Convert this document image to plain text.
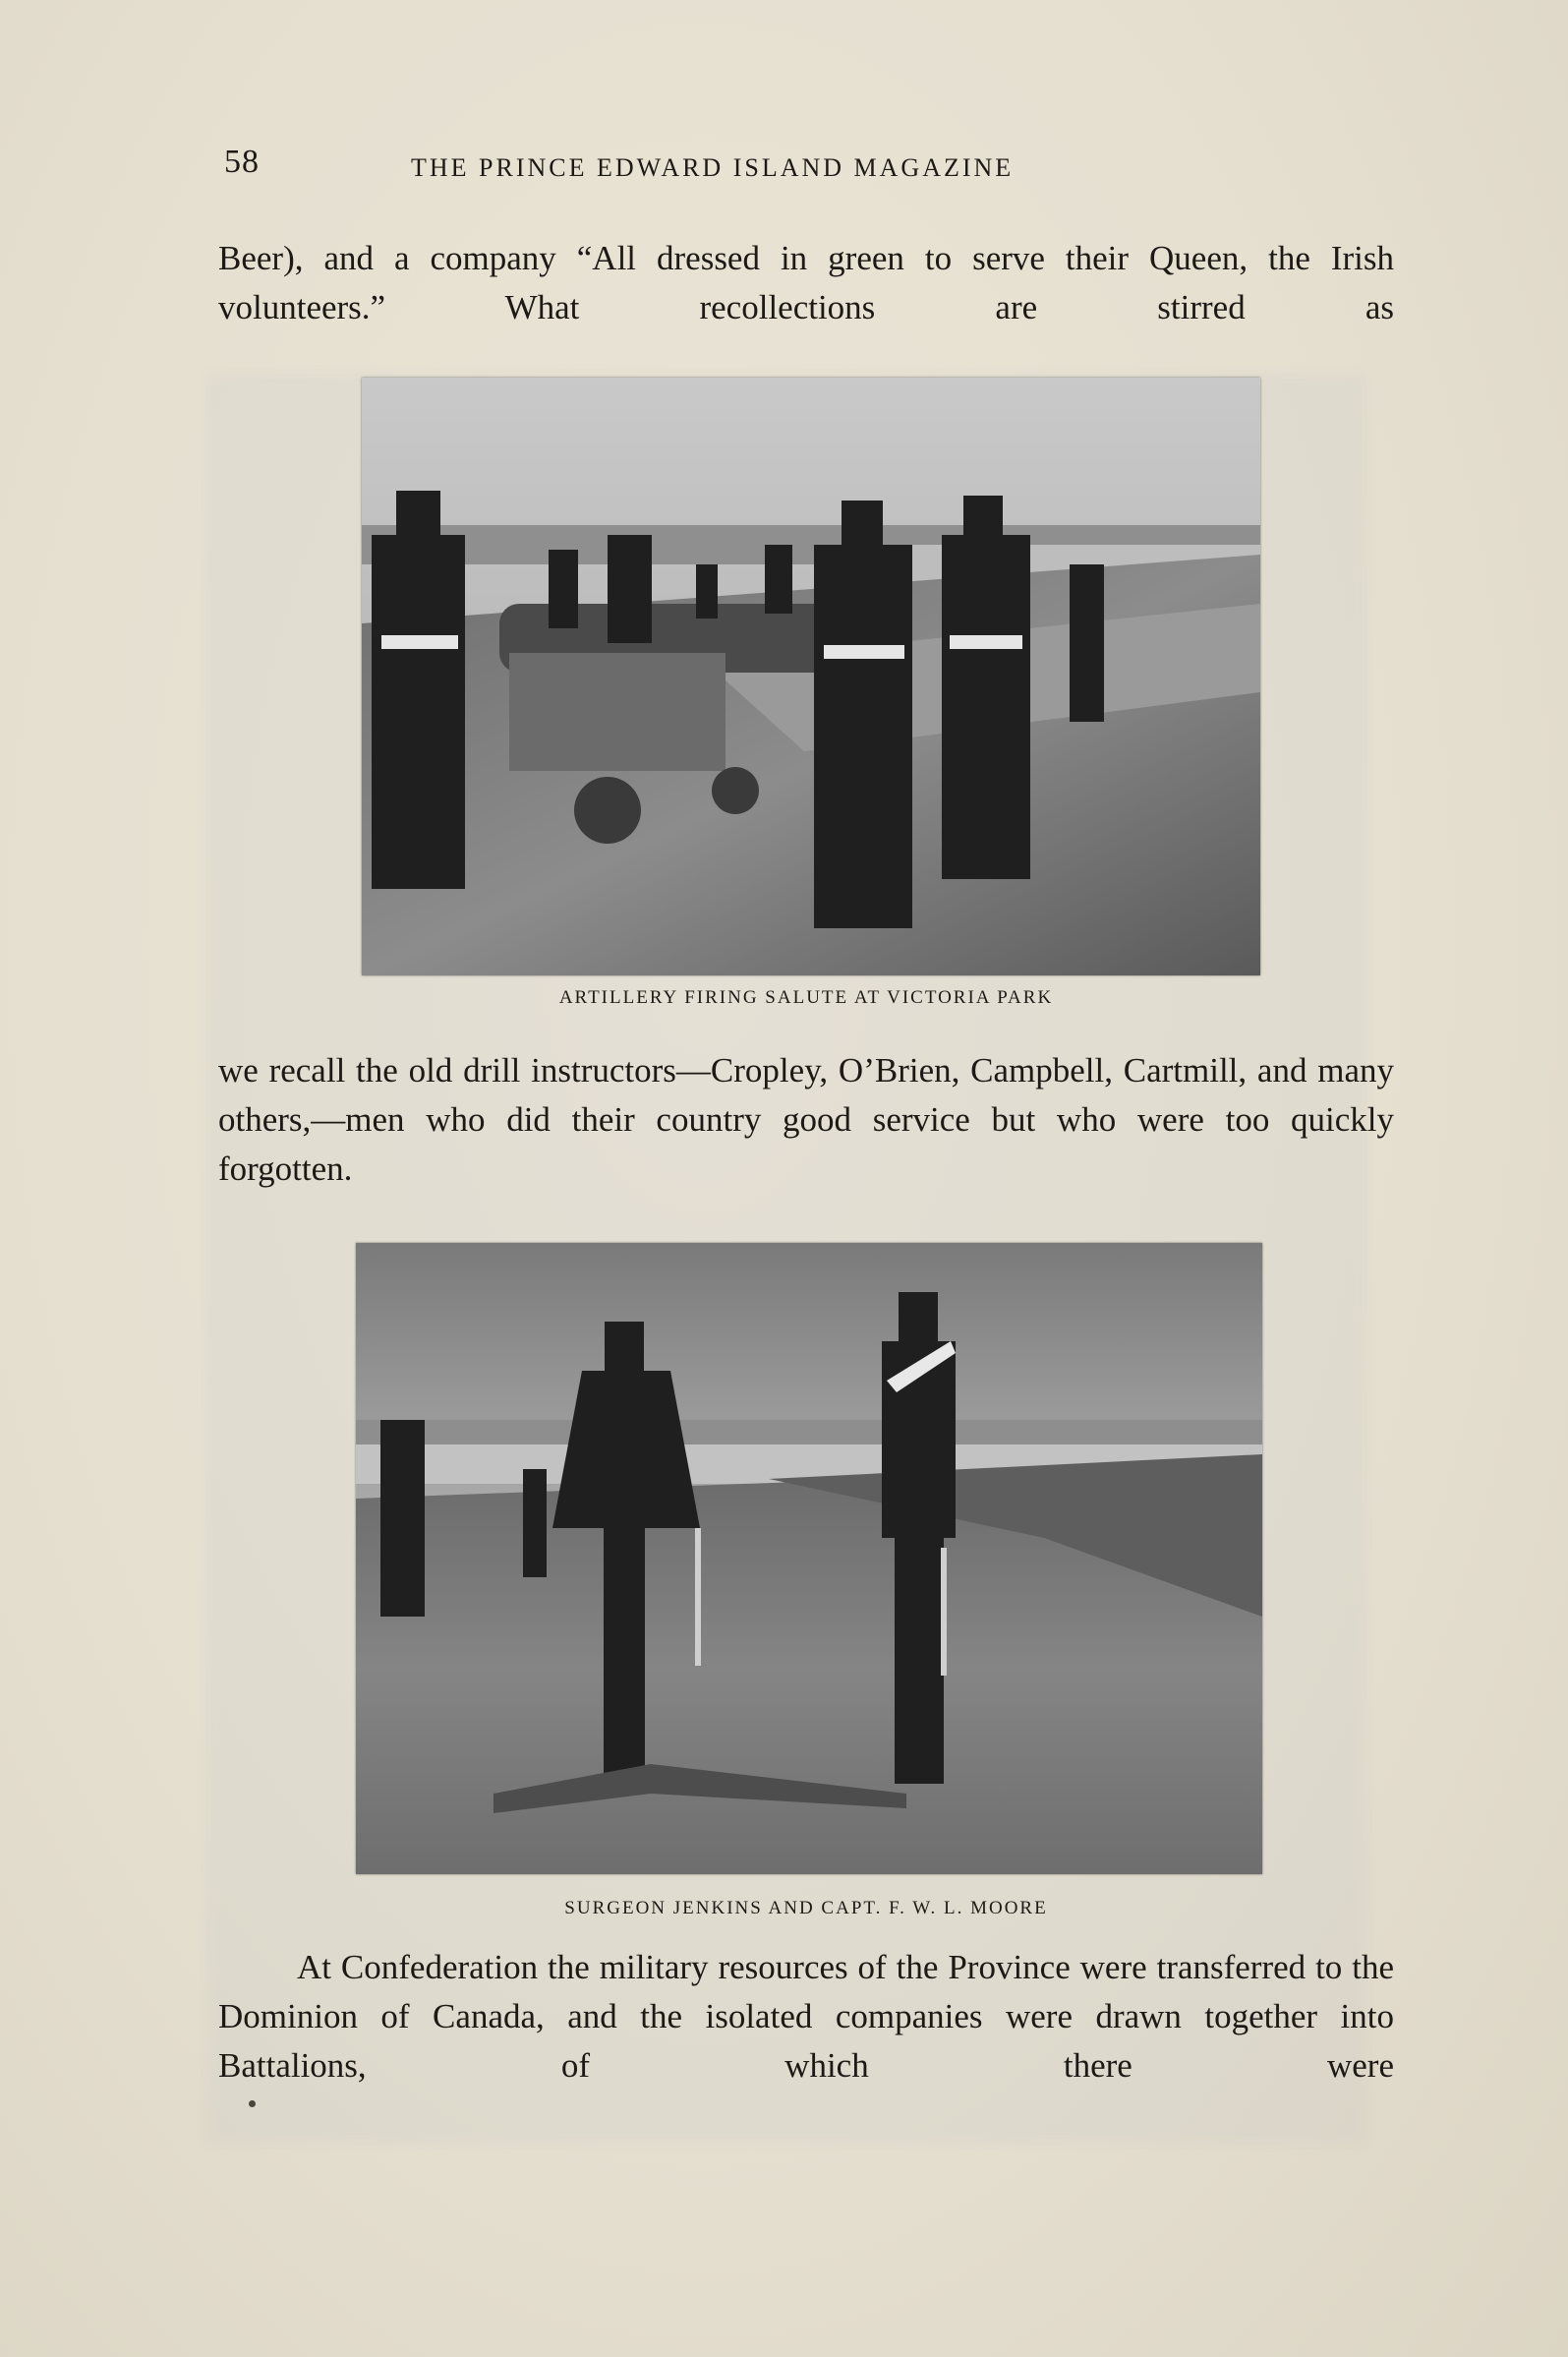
58	THE PRINCE EDWARD ISLAND MAGAZINE
Beer), and a company “All dressed in green to serve their Queen, the Irish volunteers.” What recollections are stirred as
ARTILLERY FIRING SALUTE AT VICTORIA PARK
we recall the old drill instructors—Cropley, O’Brien, Campbell, Cartmill, and many others,—men who did their country good service but who were too quickly forgotten.
SURGEON JENKINS AND CAPT. F. W. L. MOORE
At Confederation the military resources of the Province were transferred to the Dominion of Canada, and the isolated companies were drawn together into Battalions, of which there were
